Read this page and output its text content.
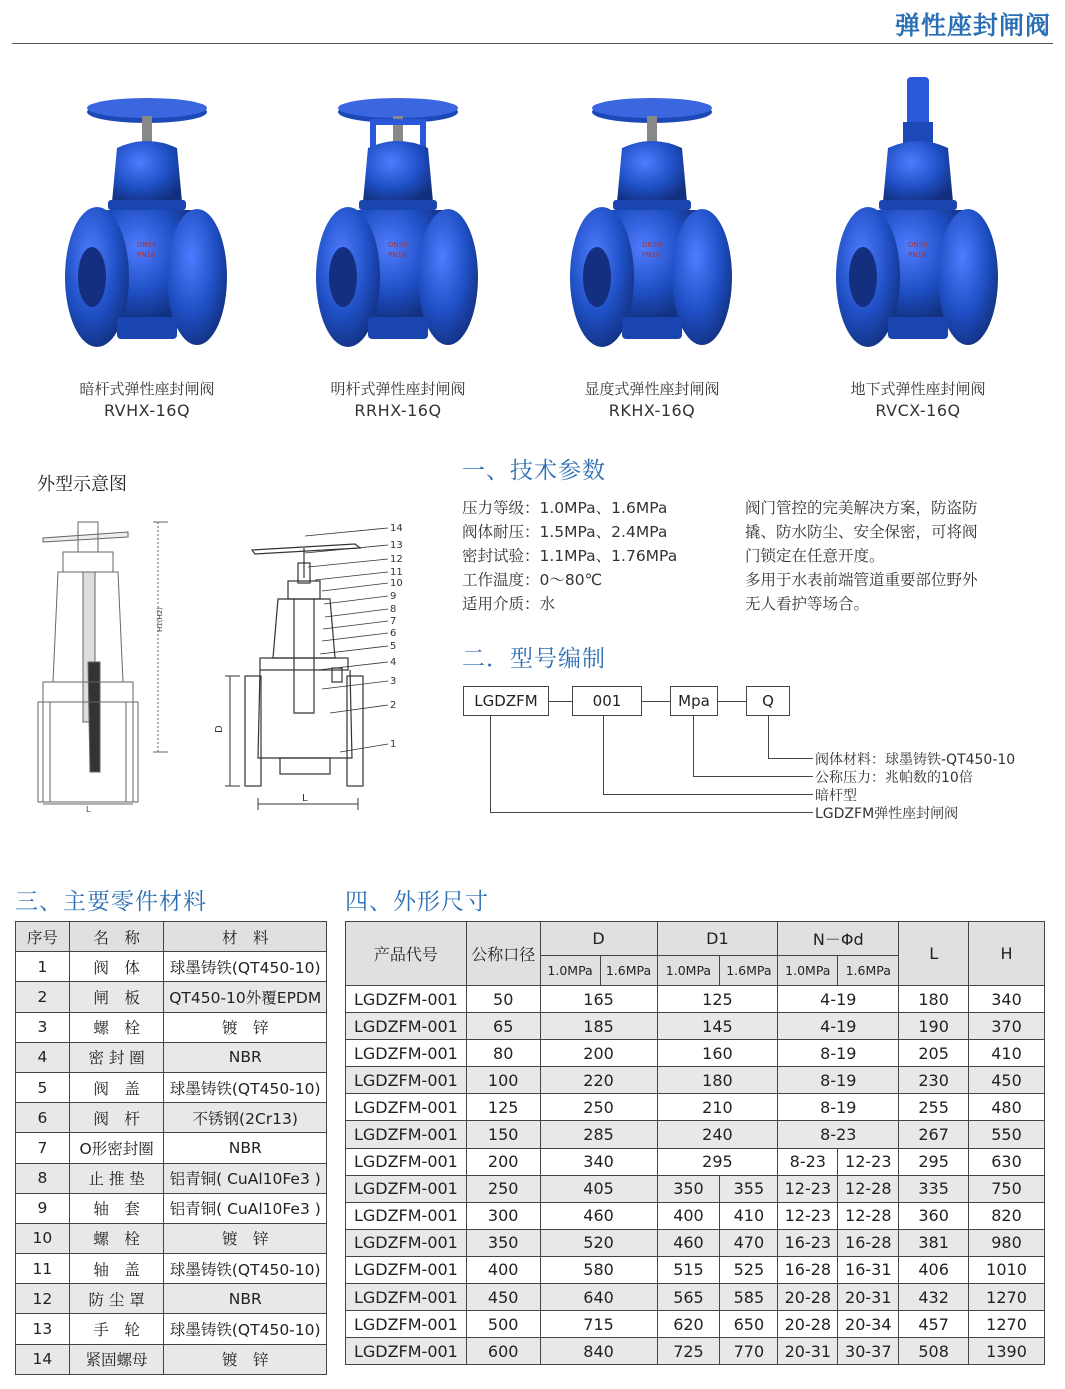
弹性座封闸阀
DN50
PN16
暗杆式弹性座封闸阀
RVHX-16Q
DN50
PN16
明杆式弹性座封闸阀
RRHX-16Q
DN50
PN16
显度式弹性座封闸阀
RKHX-16Q
DN50
PN16
地下式弹性座封闸阀
RVCX-16Q
外型示意图
H1(H2)
L
D
L
14
13
12
11
10
9
8
7
6
5
4
3
2
1
一、技术参数
压力等级：1.0MPa、1.6MPa
阀体耐压：1.5MPa、2.4MPa
密封试验：1.1MPa、1.76MPa
工作温度：0～80℃
适用介质：水
阀门管控的完美解决方案，防盗防
撬、防水防尘、安全保密，可将阀
门锁定在任意开度。
多用于水表前端管道重要部位野外
无人看护等场合。
二．型号编制
LGDZFM	001	Mpa	Q
阀体材料：球墨铸铁-QT450-10
公称压力：兆帕数的10倍
暗杆型
LGDZFM弹性座封闸阀
三、主要零件材料
序号	名　称	材　料
1	阀　体	球墨铸铁(QT450-10)
2	闸　板	QT450-10外覆EPDM
3	螺　栓	镀　锌
4	密 封 圈	NBR
5	阀　盖	球墨铸铁(QT450-10)
6	阀　杆	不锈钢(2Cr13)
7	O形密封圈	NBR
8	止 推 垫	铝青铜( CuAl10Fe3 )
9	轴　套	铝青铜( CuAl10Fe3 )
10	螺　栓	镀　锌
11	轴　盖	球墨铸铁(QT450-10)
12	防 尘 罩	NBR
13	手　轮	球墨铸铁(QT450-10)
14	紧固螺母	镀　锌
四、外形尺寸
产品代号	公称口径	D		D1		N－Φd		L	H
		1.0MPa	1.6MPa	1.0MPa	1.6MPa	1.0MPa	1.6MPa		
LGDZFM-001	50	165		125		4-19		180	340
LGDZFM-001	65	185		145		4-19		190	370
LGDZFM-001	80	200		160		8-19		205	410
LGDZFM-001	100	220		180		8-19		230	450
LGDZFM-001	125	250		210		8-19		255	480
LGDZFM-001	150	285		240		8-23		267	550
LGDZFM-001	200	340		295		8-23	12-23	295	630
LGDZFM-001	250	405		350	355	12-23	12-28	335	750
LGDZFM-001	300	460		400	410	12-23	12-28	360	820
LGDZFM-001	350	520		460	470	16-23	16-28	381	980
LGDZFM-001	400	580		515	525	16-28	16-31	406	1010
LGDZFM-001	450	640		565	585	20-28	20-31	432	1270
LGDZFM-001	500	715		620	650	20-28	20-34	457	1270
LGDZFM-001	600	840		725	770	20-31	30-37	508	1390
